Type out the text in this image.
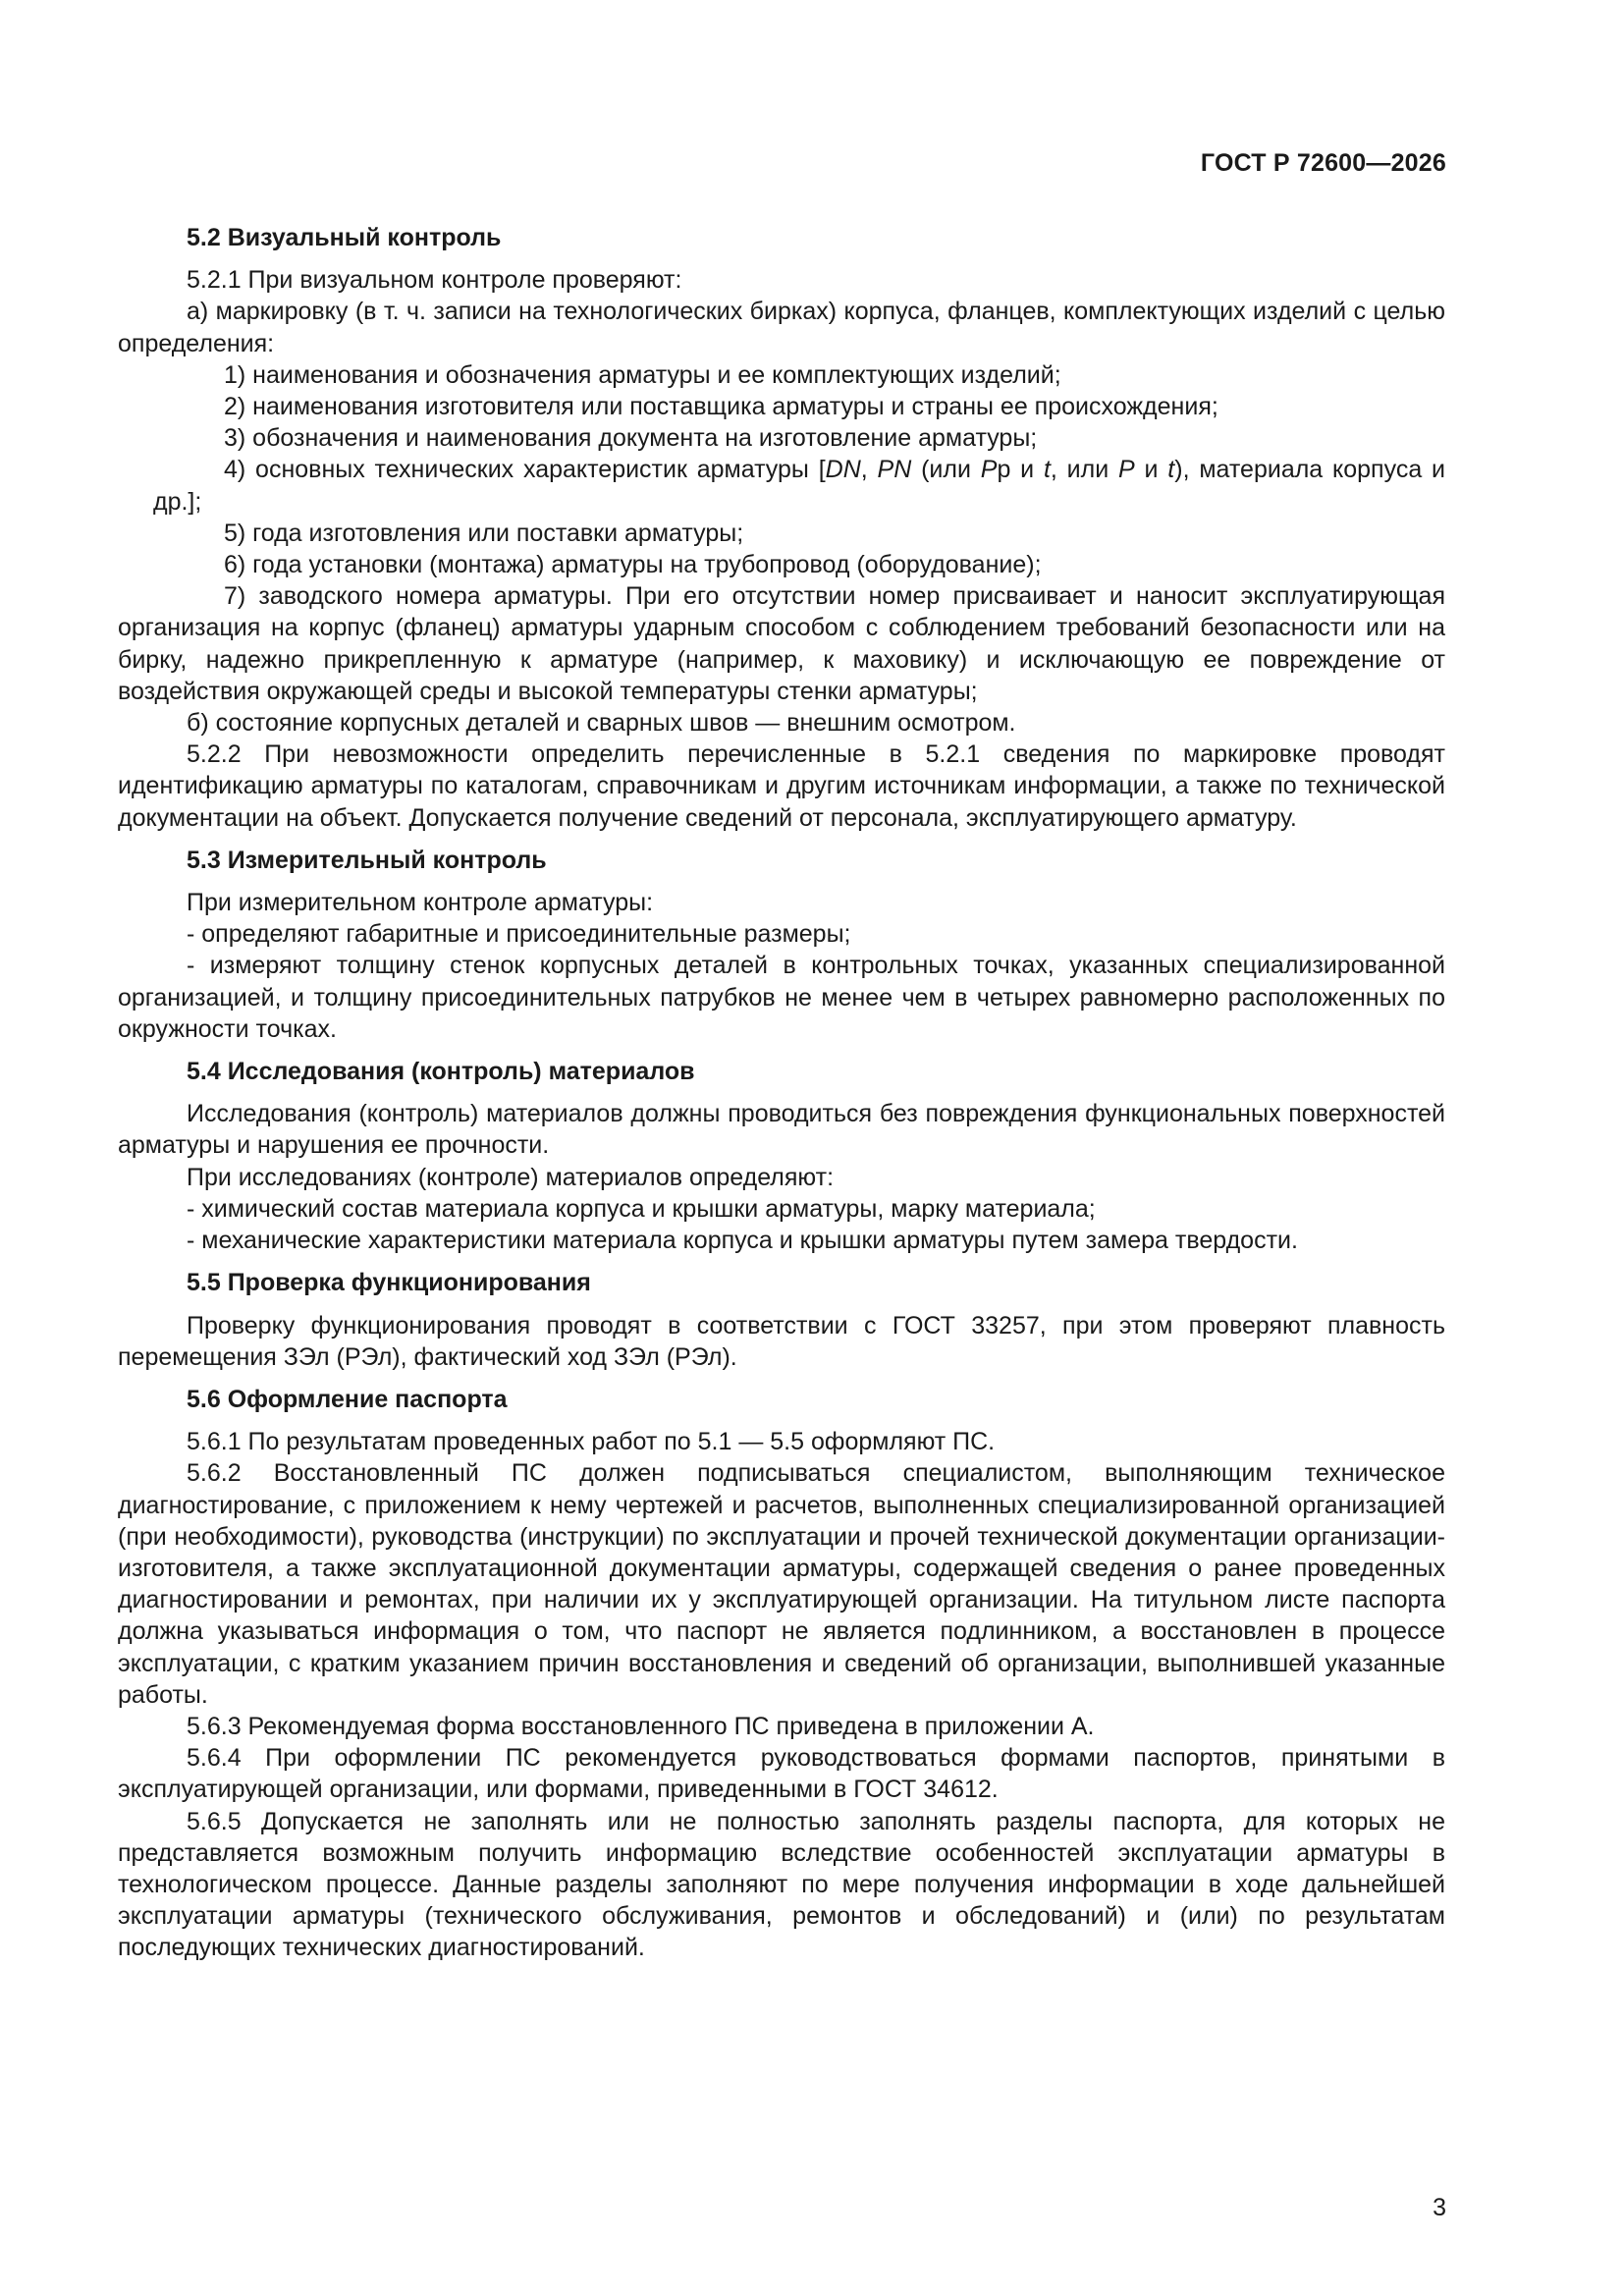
ГОСТ Р 72600—2026
5.2 Визуальный контроль

5.2.1 При визуальном контроле проверяют:

а) маркировку (в т. ч. записи на технологических бирках) корпуса, фланцев, комплектующих изделий с целью определения:

1) наименования и обозначения арматуры и ее комплектующих изделий;

2) наименования изготовителя или поставщика арматуры и страны ее происхождения;

3) обозначения и наименования документа на изготовление арматуры;

4) основных технических характеристик арматуры [DN, PN (или Pр и t, или P и t), материала корпуса и др.];

5) года изготовления или поставки арматуры;

6) года установки (монтажа) арматуры на трубопровод (оборудование);

7) заводского номера арматуры. При его отсутствии номер присваивает и наносит эксплуатирующая организация на корпус (фланец) арматуры ударным способом с соблюдением требований безопасности или на бирку, надежно прикрепленную к арматуре (например, к маховику) и исключающую ее повреждение от воздействия окружающей среды и высокой температуры стенки арматуры;

б) состояние корпусных деталей и сварных швов — внешним осмотром.

5.2.2 При невозможности определить перечисленные в 5.2.1 сведения по маркировке проводят идентификацию арматуры по каталогам, справочникам и другим источникам информации, а также по технической документации на объект. Допускается получение сведений от персонала, эксплуатирующего арматуру.

5.3 Измерительный контроль

При измерительном контроле арматуры:

- определяют габаритные и присоединительные размеры;

- измеряют толщину стенок корпусных деталей в контрольных точках, указанных специализированной организацией, и толщину присоединительных патрубков не менее чем в четырех равномерно расположенных по окружности точках.

5.4 Исследования (контроль) материалов

Исследования (контроль) материалов должны проводиться без повреждения функциональных поверхностей арматуры и нарушения ее прочности.

При исследованиях (контроле) материалов определяют:

- химический состав материала корпуса и крышки арматуры, марку материала;

- механические характеристики материала корпуса и крышки арматуры путем замера твердости.

5.5 Проверка функционирования

Проверку функционирования проводят в соответствии с ГОСТ 33257, при этом проверяют плавность перемещения ЗЭл (РЭл), фактический ход ЗЭл (РЭл).

5.6 Оформление паспорта

5.6.1 По результатам проведенных работ по 5.1 — 5.5 оформляют ПС.

5.6.2 Восстановленный ПС должен подписываться специалистом, выполняющим техническое диагностирование, с приложением к нему чертежей и расчетов, выполненных специализированной организацией (при необходимости), руководства (инструкции) по эксплуатации и прочей технической документации организации-изготовителя, а также эксплуатационной документации арматуры, содержащей сведения о ранее проведенных диагностировании и ремонтах, при наличии их у эксплуатирующей организации. На титульном листе паспорта должна указываться информация о том, что паспорт не является подлинником, а восстановлен в процессе эксплуатации, с кратким указанием причин восстановления и сведений об организации, выполнившей указанные работы.

5.6.3 Рекомендуемая форма восстановленного ПС приведена в приложении А.

5.6.4 При оформлении ПС рекомендуется руководствоваться формами паспортов, принятыми в эксплуатирующей организации, или формами, приведенными в ГОСТ 34612.

5.6.5 Допускается не заполнять или не полностью заполнять разделы паспорта, для которых не представляется возможным получить информацию вследствие особенностей эксплуатации арматуры в технологическом процессе. Данные разделы заполняют по мере получения информации в ходе дальнейшей эксплуатации арматуры (технического обслуживания, ремонтов и обследований) и (или) по результатам последующих технических диагностирований.

3
